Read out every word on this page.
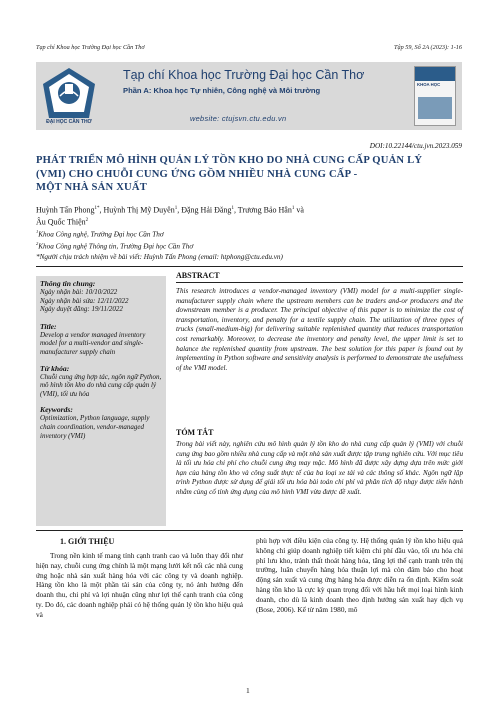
Tạp chí Khoa học Trường Đại học Cần Thơ	Tập 59, Số 2A (2023): 1-16
ĐẠI HỌC CẦN THƠ
Tạp chí Khoa học Trường Đại học Cần Thơ
Phần A: Khoa học Tự nhiên, Công nghệ và Môi trường
website: ctujsvn.ctu.edu.vn
KHOA HỌC
DOI:10.22144/ctu.jvn.2023.059
PHÁT TRIỂN MÔ HÌNH QUẢN LÝ TỒN KHO DO NHÀ CUNG CẤP QUẢN LÝ
(VMI) CHO CHUỖI CUNG ỨNG GỒM NHIỀU NHÀ CUNG CẤP -
MỘT NHÀ SẢN XUẤT
Huỳnh Tấn Phong$^{1*}$, Huỳnh Thị Mỹ Duyên$^1$, Đặng Hải Đăng$^1$, Trương Bảo Hân$^1$ và
Âu Quốc Thiện$^2$
$^1$Khoa Công nghệ, Trường Đại học Cần Thơ
$^2$Khoa Công nghệ Thông tin, Trường Đại học Cần Thơ
*Người chịu trách nhiệm về bài viết: Huỳnh Tấn Phong (email: htphong@ctu.edu.vn)

Thông tin chung:

Ngày nhận bài: 10/10/2022

Ngày nhận bài sửa: 12/11/2022

Ngày duyệt đăng: 19/11/2022

Title:

Develop a vendor managed inventory model for a multi-vendor and single-manufacturer supply chain

Từ khóa:

Chuỗi cung ứng hợp tác, ngôn ngữ Python, mô hình tồn kho do nhà cung cấp quản lý (VMI), tối ưu hóa

Keywords:

Optimization, Python language, supply chain coordination, vendor-managed inventory (VMI)

ABSTRACT
This research introduces a vendor-managed inventory (VMI) model for a multi-supplier single-manufacturer supply chain where the upstream members can be traders and-or producers and the downstream member is a producer. The principal objective of this paper is to minimize the cost of transportation, inventory, and penalty for a textile supply chain. The utilization of three types of trucks (small-medium-big) for delivering suitable replenished quantity that reduces transportation cost remarkably. Moreover, to decrease the inventory and penalty level, the upper limit is set to balance the replenished quantity from upstream. The best solution for this paper is found out by implementing in Python software and sensitivity analysis is performed to demonstrate the usefulness of the VMI model.
TÓM TẮT
Trong bài viết này, nghiên cứu mô hình quản lý tồn kho do nhà cung cấp quản lý (VMI) với chuỗi cung ứng bao gồm nhiều nhà cung cấp và một nhà sản xuất được tập trung nghiên cứu. Với mục tiêu là tối ưu hóa chi phí cho chuỗi cung ứng may mặc. Mô hình đã được xây dựng dựa trên mức giới hạn của hàng tồn kho và công suất thực tế của ba loại xe tải và các thông số khác. Ngôn ngữ lập trình Python được sử dụng để giải tối ưu hóa bài toán chi phí và phân tích độ nhạy được tiến hành nhằm củng cố tính ứng dụng của mô hình VMI vừa được đề xuất.
1. GIỚI THIỆU
Trong nền kinh tế mang tính cạnh tranh cao và luôn thay đổi như hiện nay, chuỗi cung ứng chính là một mạng lưới kết nối các nhà cung ứng hoặc nhà sản xuất hàng hóa với các công ty và doanh nghiệp. Hàng tồn kho là một phần tài sản của công ty, nó ảnh hưởng đến doanh thu, chi phí và lợi nhuận cũng như lợi thế cạnh tranh của công ty. Do đó, các doanh nghiệp phải có hệ thống quản lý tồn kho hiệu quả và
phù hợp với điều kiện của công ty. Hệ thống quản lý tồn kho hiệu quả không chỉ giúp doanh nghiệp tiết kiệm chi phí đầu vào, tối ưu hóa chi phí lưu kho, tránh thất thoát hàng hóa, tăng lợi thế cạnh tranh trên thị trường, luân chuyển hàng hóa thuận lợi mà còn đảm bảo cho hoạt động sản xuất và cung ứng hàng hóa được diễn ra ổn định. Kiểm soát hàng tồn kho là cực kỳ quan trọng đối với hầu hết mọi loại hình kinh doanh, cho dù là kinh doanh theo định hướng sản xuất hay dịch vụ (Bose, 2006). Kể từ năm 1980, mô
1
